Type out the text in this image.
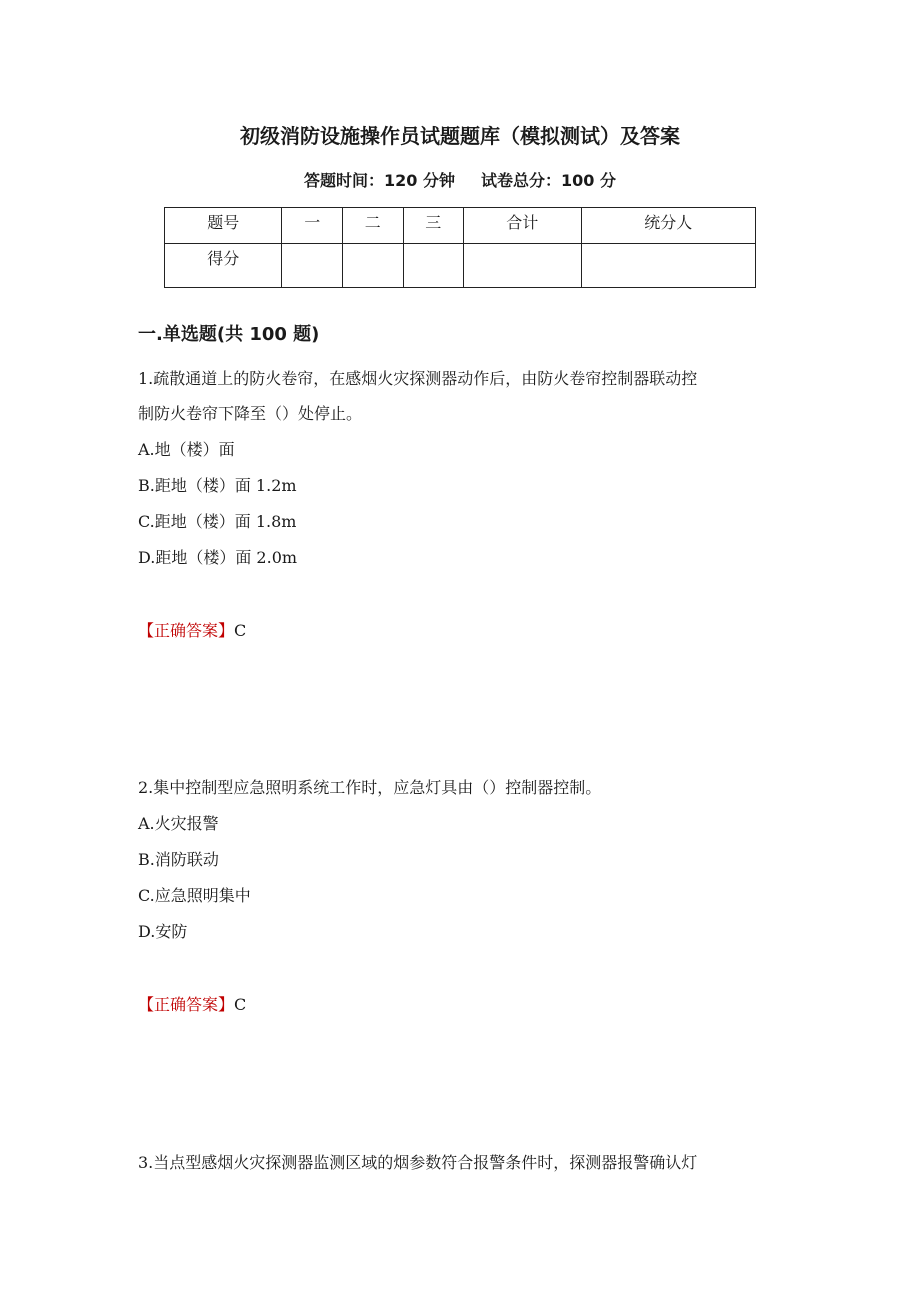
初级消防设施操作员试题题库（模拟测试）及答案
答题时间：120 分钟 试卷总分：100 分
题号	一	二	三	合计	统分人
得分					
一.单选题(共 100 题)
1.疏散通道上的防火卷帘，在感烟火灾探测器动作后，由防火卷帘控制器联动控
制防火卷帘下降至（）处停止。
A.地（楼）面
B.距地（楼）面 1.2m
C.距地（楼）面 1.8m
D.距地（楼）面 2.0m
【正确答案】C
2.集中控制型应急照明系统工作时，应急灯具由（）控制器控制。
A.火灾报警
B.消防联动
C.应急照明集中
D.安防
【正确答案】C
3.当点型感烟火灾探测器监测区域的烟参数符合报警条件时，探测器报警确认灯
